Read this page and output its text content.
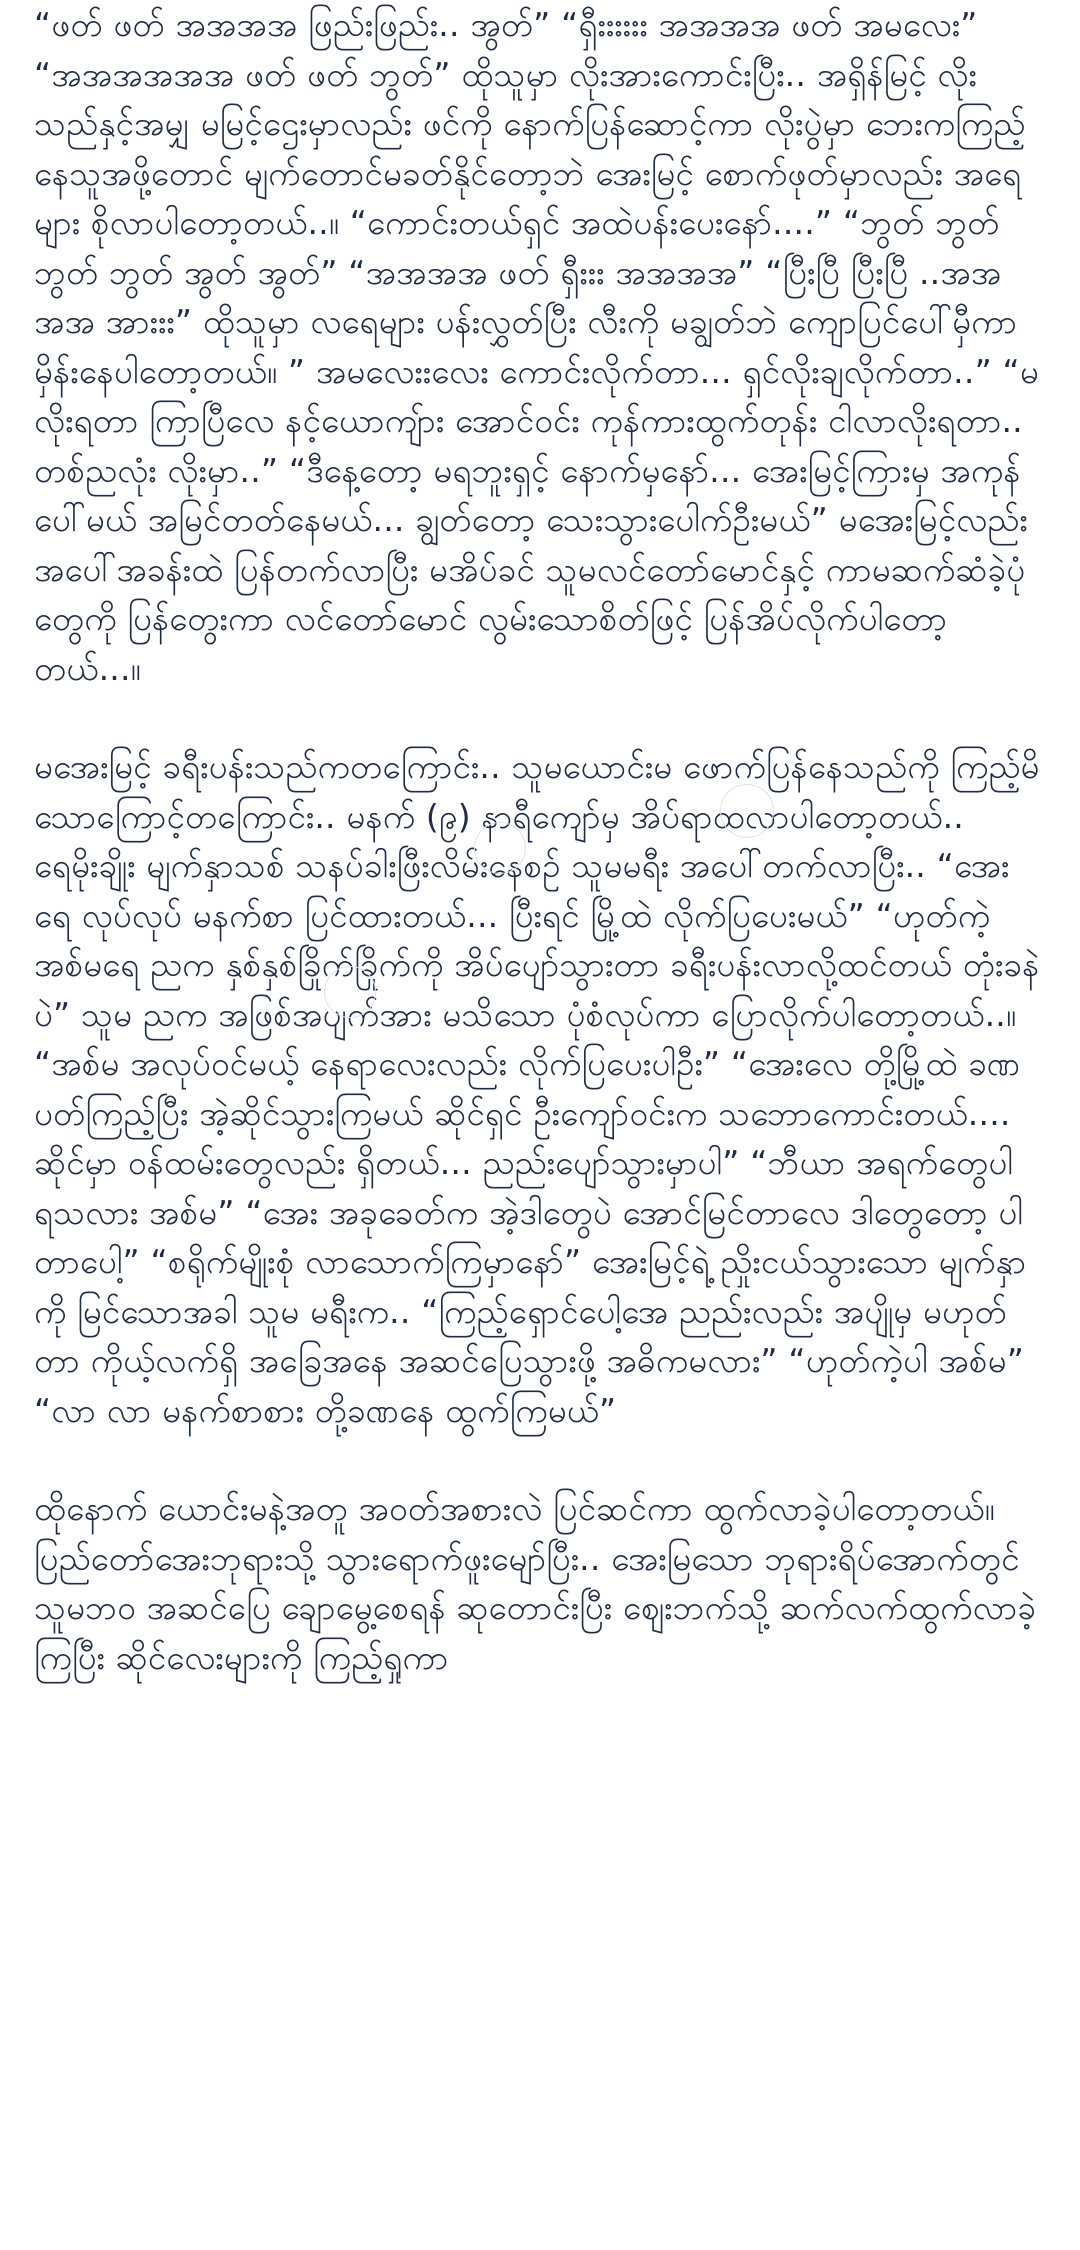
“ဖတ် ဖတ် အအအအ ဖြည်းဖြည်း.. အွတ်” “ရှီးးးးးး အအအအ ဖတ် အမလေး” “အအအအအအ ဖတ် ဖတ် ဘွတ်” ထိုသူမှာ လိုးအားကောင်းပြီး.. အရှိန်မြင့် လိုးသည်နှင့်အမျှ မမြင့်ဌေးမှာလည်း ဖင်ကို နောက်ပြန်ဆောင့်ကာ လိုးပွဲမှာ ဘေးကကြည့်နေသူအဖို့တောင် မျက်တောင်မခတ်နိုင်တော့ဘဲ အေးမြင့် စောက်ဖုတ်မှာလည်း အရေများ စိုလာပါတော့တယ်..။ “ကောင်းတယ်ရှင် အထဲပန်းပေးနော်....” “ဘွတ် ဘွတ် ဘွတ် ဘွတ် အွတ် အွတ်” “အအအအ ဖတ် ရှီးးး အအအအ” “ပြီးပြီ ပြီးပြီ ..အအအအ အားးး” ထိုသူမှာ လရေများ ပန်းလွှတ်ပြီး လီးကို မချွတ်ဘဲ ကျောပြင်ပေါ်မှီကာ မှိန်းနေပါတော့တယ်။ ” အမလေးးလေး ကောင်းလိုက်တာ... ရှင်လိုးချလိုက်တာ..” “မလိုးရတာ ကြာပြီလေ နင့်ယောကျ်ား အောင်ဝင်း ကုန်ကားထွက်တုန်း ငါလာလိုးရတာ.. တစ်ညလုံး လိုးမှာ..” “ဒီနေ့တော့ မရဘူးရှင့် နောက်မှနော်... အေးမြင့်ကြားမှ အကုန်ပေါ်မယ် အမြင်တတ်နေမယ်... ချွတ်တော့ သေးသွားပေါက်ဦးမယ်” မအေးမြင့်လည်း အပေါ်အခန်းထဲ ပြန်တက်လာပြီး မအိပ်ခင် သူမလင်တော်မောင်နှင့် ကာမဆက်ဆံခဲ့ပုံတွေကို ပြန်တွေးကာ လင်တော်မောင် လွမ်းသောစိတ်ဖြင့် ပြန်အိပ်လိုက်ပါတော့တယ်...။

မအေးမြင့် ခရီးပန်းသည်ကတကြောင်း.. သူမယောင်းမ ဖောက်ပြန်နေသည်ကို ကြည့်မိသောကြောင့်တကြောင်း.. မနက် (၉) နာရီကျော်မှ အိပ်ရာထလာပါတော့တယ်.. ရေမိုးချိုး မျက်နှာသစ် သနပ်ခါးဖြီးလိမ်းနေစဉ် သူမမရီး အပေါ်တက်လာပြီး.. “အေးရေ လုပ်လုပ် မနက်စာ ပြင်ထားတယ်... ပြီးရင် မြို့ထဲ လိုက်ပြပေးမယ်” “ဟုတ်ကဲ့ အစ်မရေ ညက နှစ်နှစ်ခြိုက်ခြိုက်ကို အိပ်ပျော်သွားတာ ခရီးပန်းလာလို့ထင်တယ် တုံးခနဲပဲ” သူမ ညက အဖြစ်အပျက်အား မသိသော ပုံစံလုပ်ကာ ပြောလိုက်ပါတော့တယ်..။ “အစ်မ အလုပ်ဝင်မယ့် နေရာလေးလည်း လိုက်ပြပေးပါဦး” “အေးလေ တို့မြို့ထဲ ခဏပတ်ကြည့်ပြီး အဲ့ဆိုင်သွားကြမယ် ဆိုင်ရှင် ဦးကျော်ဝင်းက သဘောကောင်းတယ်.... ဆိုင်မှာ ဝန်ထမ်းတွေလည်း ရှိတယ်... ညည်းပျော်သွားမှာပါ” “ဘီယာ အရက်တွေပါရသလား အစ်မ” “အေး အခုခေတ်က အဲ့ဒါတွေပဲ အောင်မြင်တာလေ ဒါတွေတော့ ပါတာပေါ့” “စရိုက်မျိုးစုံ လာသောက်ကြမှာနော်” အေးမြင့်ရဲ့ ညှိုးငယ်သွားသော မျက်နှာကို မြင်သောအခါ သူမ မရီးက.. “ကြည့်ရှောင်ပေါ့အေ ညည်းလည်း အပျိုမှ မဟုတ်တာ ကိုယ့်လက်ရှိ အခြေအနေ အဆင်ပြေသွားဖို့ အဓိကမလား” “ဟုတ်ကဲ့ပါ အစ်မ” “လာ လာ မနက်စာစား တို့ခဏနေ ထွက်ကြမယ်”

ထိုနောက် ယောင်းမနဲ့အတူ အဝတ်အစားလဲ ပြင်ဆင်ကာ ထွက်လာခဲ့ပါတော့တယ်။ ပြည်တော်အေးဘုရားသို့ သွားရောက်ဖူးမျော်ပြီး.. အေးမြသော ဘုရားရိပ်အောက်တွင် သူမဘဝ အဆင်ပြေ ချောမွေ့စေရန် ဆုတောင်းပြီး ဈေးဘက်သို့ ဆက်လက်ထွက်လာခဲ့ကြပြီး ဆိုင်လေးများကို ကြည့်ရှုကာ
